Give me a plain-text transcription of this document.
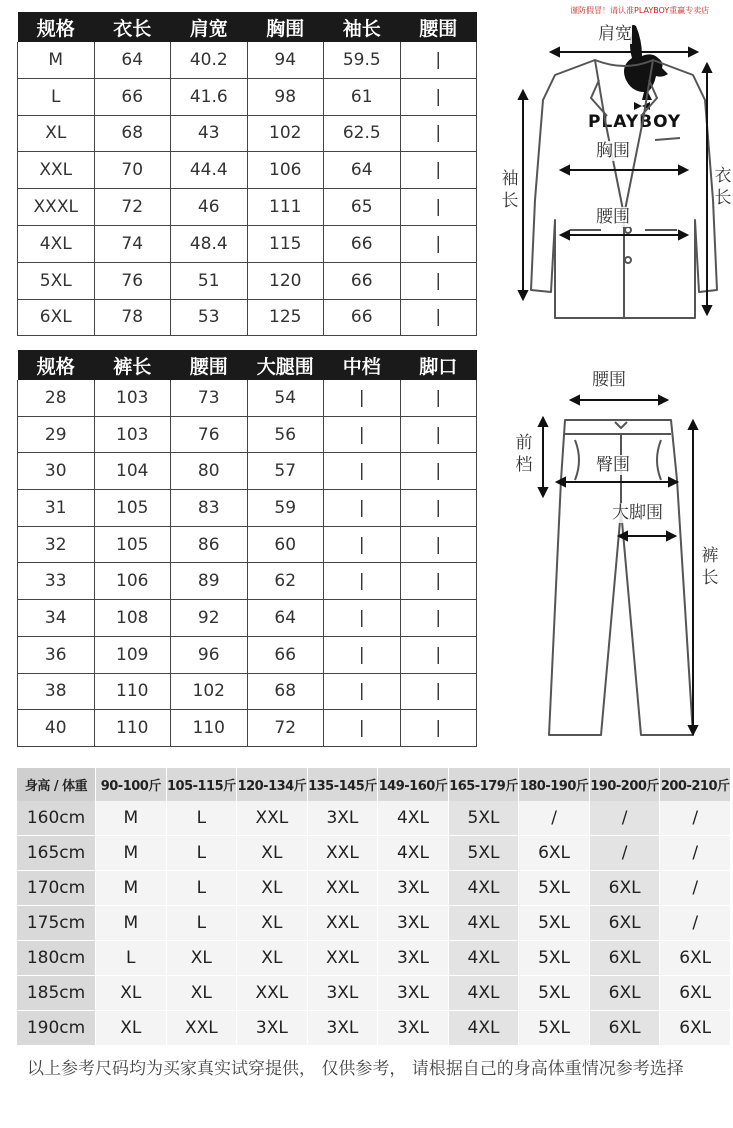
规格	衣长	肩宽	胸围	袖长	腰围
M	64	40.2	94	59.5	|
L	66	41.6	98	61	|
XL	68	43	102	62.5	|
XXL	70	44.4	106	64	|
XXXL	72	46	111	65	|
4XL	74	48.4	115	66	|
5XL	76	51	120	66	|
6XL	78	53	125	66	|
规格	裤长	腰围	大腿围	中档	脚口
28	103	73	54	|	|
29	103	76	56	|	|
30	104	80	57	|	|
31	105	83	59	|	|
32	105	86	60	|	|
33	106	89	62	|	|
34	108	92	64	|	|
36	109	96	66	|	|
38	110	102	68	|	|
40	110	110	72	|	|
身高 / 体重	90-100斤	105-115斤	120-134斤	135-145斤	149-160斤	165-179斤	180-190斤	190-200斤	200-210斤
160cm	M	L	XXL	3XL	4XL	5XL	/	/	/
165cm	M	L	XL	XXL	4XL	5XL	6XL	/	/
170cm	M	L	XL	XXL	3XL	4XL	5XL	6XL	/
175cm	M	L	XL	XXL	3XL	4XL	5XL	6XL	/
180cm	L	XL	XL	XXL	3XL	4XL	5XL	6XL	6XL
185cm	XL	XL	XXL	3XL	3XL	4XL	5XL	6XL	6XL
190cm	XL	XXL	3XL	3XL	3XL	4XL	5XL	6XL	6XL
以上参考尺码均为买家真实试穿提供， 仅供参考， 请根据自己的身高体重情况参考选择
谨防假冒！请认准PLAYBOY重赢专卖店
PLAYBOY
肩宽
胸围
腰围
袖长
衣长
腰围
前档	臀围
大脚围
裤长
